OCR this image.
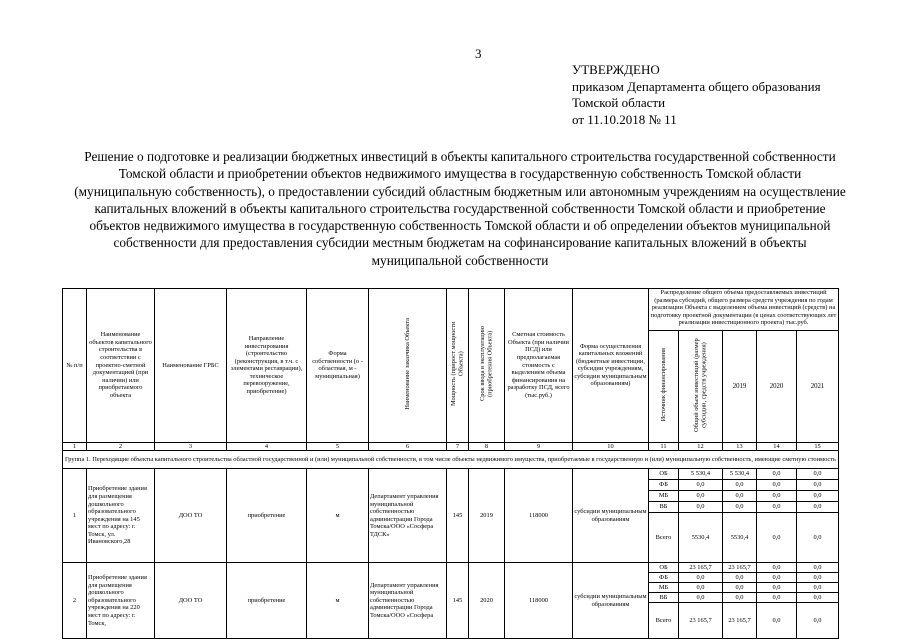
3
УТВЕРЖДЕНО
приказом Департамента общего образования
Томской области
от 11.10.2018 № 11
Решение о подготовке и реализации бюджетных инвестиций в объекты капитального строительства государственной собственности Томской области и приобретении объектов недвижимого имущества в государственную собственность Томской области (муниципальную собственность), о предоставлении субсидий областным бюджетным или автономным учреждениям на осуществление капитальных вложений в объекты капитального строительства государственной собственности Томской области и приобретение объектов недвижимого имущества в государственную собственность Томской области и об определении объектов муниципальной собственности для предоставления субсидии местным бюджетам на софинансирование капитальных вложений в объекты муниципальной собственности
№ п/п	Наименование объектов капитального строительства в соответствии с проектно-сметной документацией (при наличии) или приобретаемого объекта	Наименование ГРБС	Направление инвестирования (строительство (реконструкция, в т.ч. с элементами реставрации), техническое перевооружение, приобретение)	Форма собственности (о - областная, м - муниципальная)	Наименование заказчика Объекта	Мощность (прирост мощности Объекта)	Срок ввода в эксплуатацию (приобретения Объекта)	Сметная стоимость Объекта (при наличии ПСД) или предполагаемая стоимость с выделением объема финансирования на разработку ПСД, всего (тыс.руб.)	Форма осуществления капитальных вложений (бюджетные инвестиции, субсидии учреждениям, субсидии муниципальным образованиям)	Распределение общего объема предоставляемых инвестиций (размера субсидий, общего размера средств учреждения по годам реализации Объекта с выделением объема инвестиций (средств) на подготовку проектной документации (в ценах соответствующих лет реализации инвестиционного проекта) тыс.руб.				
										Источник финансирования	Общий объем инвестиций (размер субсидии, средств учреждения)	2019	2020	2021
1	2	3	4	5	6	7	8	9	10	11	12	13	14	15
Группа 1. Переходящие объекты капитального строительства областной государственной и (или) муниципальной собственности, в том числе объекты недвижимого имущества, приобретаемые в государственную и (или) муниципальную собственность, имеющие сметную стоимость														
1	Приобретение здания для размещения дошкольного образовательного учреждения на 145 мест по адресу: г. Томск, ул. Ивановского,28	ДОО ТО	приобретение	м	Департамент управления муниципальной собственностью администрации Города Томска/ООО «Сосфера ТДСК»	145	2019	118000	субсидии муниципальным образованиям	ОБ	5 530,4	5 530,4	0,0	0,0
										ФБ	0,0	0,0	0,0	0,0
										МБ	0,0	0,0	0,0	0,0
										ВБ	0,0	0,0	0,0	0,0
										Всего	5530,4	5530,4	0,0	0,0
2	Приобретение здания для размещения дошкольного образовательного учреждения на 220 мест по адресу: г. Томск,	ДОО ТО	приобретение	м	Департамент управления муниципальной собственностью администрации Города Томска/ООО «Сосфера	145	2020	118000	субсидии муниципальным образованиям	ОБ	23 165,7	23 165,7	0,0	0,0
										ФБ	0,0	0,0	0,0	0,0
										МБ	0,0	0,0	0,0	0,0
										ВБ	0,0	0,0	0,0	0,0
										Всего	23 165,7	23 165,7	0,0	0,0
